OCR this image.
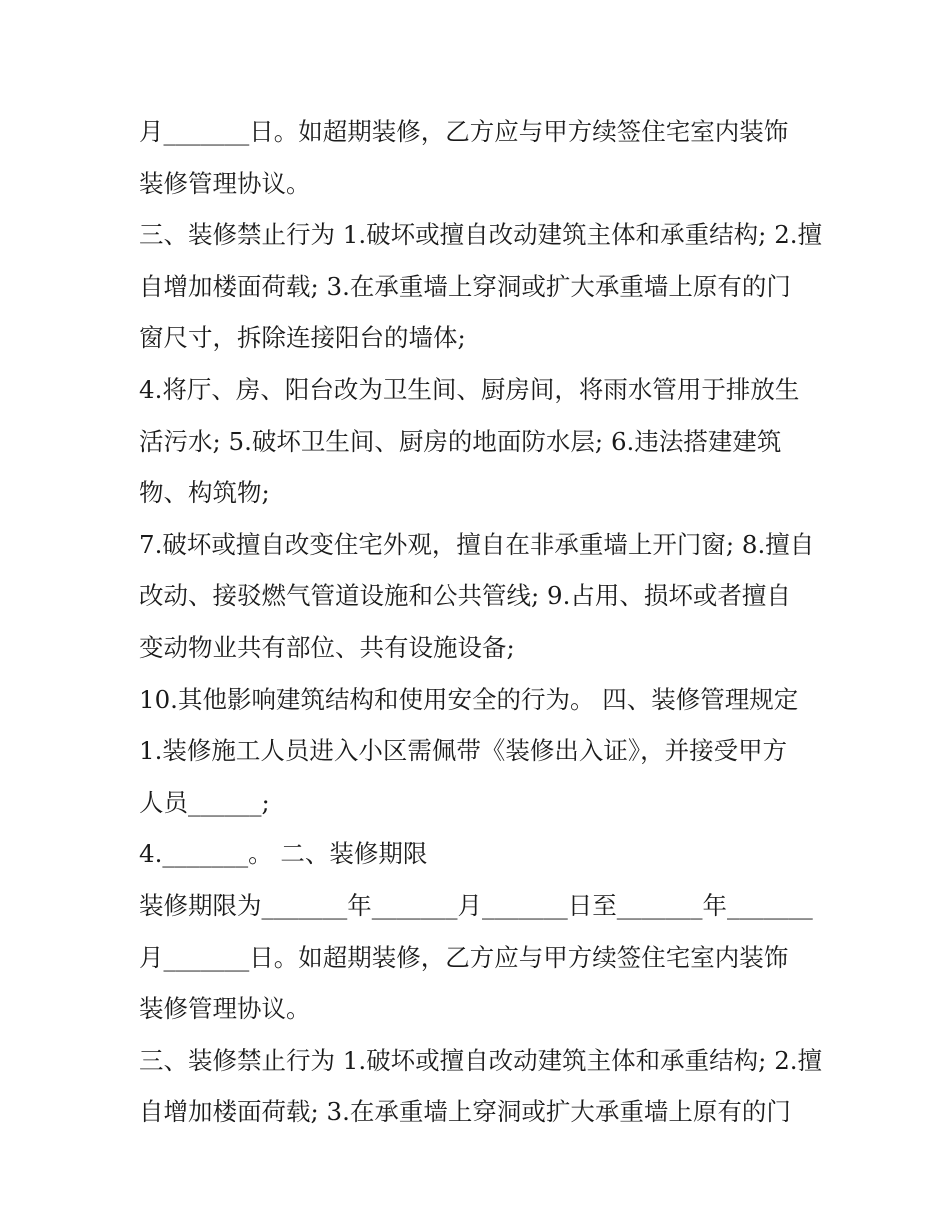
月_______日。如超期装修，乙方应与甲方续签住宅室内装饰
装修管理协议。
三、装修禁止行为 1.破坏或擅自改动建筑主体和承重结构; 2.擅
自增加楼面荷载; 3.在承重墙上穿洞或扩大承重墙上原有的门
窗尺寸，拆除连接阳台的墙体;
4.将厅、房、阳台改为卫生间、厨房间，将雨水管用于排放生
活污水; 5.破坏卫生间、厨房的地面防水层; 6.违法搭建建筑
物、构筑物;
7.破坏或擅自改变住宅外观，擅自在非承重墙上开门窗; 8.擅自
改动、接驳燃气管道设施和公共管线; 9.占用、损坏或者擅自
变动物业共有部位、共有设施设备;
10.其他影响建筑结构和使用安全的行为。 四、装修管理规定
1.装修施工人员进入小区需佩带《装修出入证》，并接受甲方
人员______;
4._______。 二、装修期限
装修期限为_______年_______月_______日至_______年_______
月_______日。如超期装修，乙方应与甲方续签住宅室内装饰
装修管理协议。
三、装修禁止行为 1.破坏或擅自改动建筑主体和承重结构; 2.擅
自增加楼面荷载; 3.在承重墙上穿洞或扩大承重墙上原有的门
